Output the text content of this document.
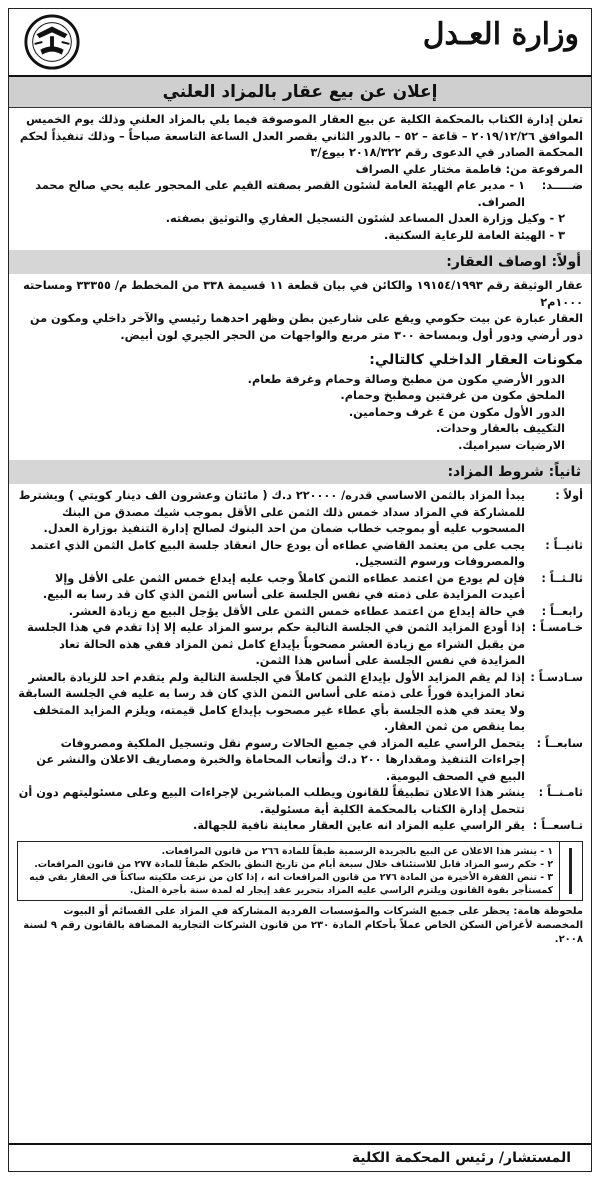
وزارة العـدل
إعلان عن بيع عقار بالمزاد العلني

تعلن إدارة الكتاب بالمحكمة الكلية عن بيع العقار الموصوفة فيما يلي بالمزاد العلني وذلك يوم الخميس الموافق ٢٠١٩/١٢/٢٦ – قاعة – ٥٢ – بالدور الثاني بقصر العدل الساعة التاسعة صباحاً – وذلك تنفيذاً لحكم المحكمة الصادر في الدعوى رقم ٢٠١٨/٣٢٢ بيوع/٣

المرفوعة من: فاطمة مختار علي الصراف

ضـــــد:
١ - مدير عام الهيئة العامة لشئون القصر بصفته القيم على المحجور عليه يحي صالح محمد الصراف.

٢ - وكيل وزارة العدل المساعد لشئون التسجيل العقاري والتوثيق بصفته.

٣ - الهيئة العامة للرعاية السكنية.

أولاً: اوصاف العقار:

عقار الوثيقة رقم ١٩١٥٤/١٩٩٣ والكائن في بيان قطعة ١١ قسيمة ٣٣٨ من المخطط م/ ٣٣٣٥٥ ومساحته ١٠٠٠م٢

العقار عبارة عن بيت حكومي ويقع على شارعين بطن وظهر احدهما رئيسي والآخر داخلي ومكون من دور أرضي ودور أول وبمساحة ٣٠٠ متر مربع والواجهات من الحجر الجيري لون أبيض.

مكونات العقار الداخلي كالتالي:

الدور الأرضي مكون من مطبخ وصالة وحمام وغرفة طعام.

الملحق مكون من غرفتين ومطبخ وحمام.

الدور الأول مكون من ٤ غرف وحمامين.

التكييف بالعقار وحدات.

الارضيات سيراميك.

ثانياً: شروط المزاد:
أولاً :
يبدأ المزاد بالثمن الاساسي قدره/ ٢٢٠٠٠٠ د.ك ( مائتان وعشرون الف دينار كويتي ) ويشترط للمشاركة في المزاد سداد خمس ذلك الثمن على الأقل بموجب شيك مصدق من البنك المسحوب عليه أو بموجب خطاب ضمان من احد البنوك لصالح إدارة التنفيذ بوزارة العدل.
ثانيــاً :
يجب على من يعتمد القاضي عطاءه أن يودع حال انعقاد جلسة البيع كامل الثمن الذي اعتمد والمصروفات ورسوم التسجيل.
ثالـثــاً :
فإن لم يودع من اعتمد عطاءه الثمن كاملاً وجب عليه إيداع خمس الثمن على الأقل وإلا أعيدت المزايدة على ذمته في نفس الجلسة على أساس الثمن الذي كان قد رسا به البيع.
رابعــاً :
في حالة إيداع من اعتمد عطاءه خمس الثمن على الأقل يؤجل البيع مع زيادة العشر.
خـامسـاً :
إذا أودع المزايد الثمن في الجلسة التالية حكم برسو المزاد عليه إلا إذا تقدم في هذا الجلسة من يقبل الشراء مع زيادة العشر مصحوباً بإيداع كامل ثمن المزاد ففي هذه الحالة تعاد المزايدة في نفس الجلسة على أساس هذا الثمن.
سـادسـاً :
إذا لم يقم المزايد الأول بإيداع الثمن كاملاً في الجلسة التالية ولم يتقدم احد للزيادة بالعشر تعاد المزايدة فوراً على ذمته على أساس الثمن الذي كان قد رسا به عليه في الجلسة السابقة ولا يعتد في هذه الجلسة بأي عطاء غير مصحوب بإيداع كامل قيمته، ويلزم المزايد المتخلف بما ينقص من ثمن العقار.
سابعــاً :
يتحمل الراسي عليه المزاد في جميع الحالات رسوم نقل وتسجيل الملكية ومصروفات إجراءات التنفيذ ومقدارها ٢٠٠ د.ك وأتعاب المحاماة والخبرة ومصاريف الاعلان والنشر عن البيع في الصحف اليومية.
ثامـنــاً :
ينشر هذا الاعلان تطبيقاً للقانون ويطلب المباشرين لإجراءات البيع وعلى مسئوليتهم دون أن تتحمل إدارة الكتاب بالمحكمة الكلية أية مسئولية.
تـاسعــاً :
يقر الراسي عليه المزاد انه عاين العقار معاينة نافية للجهالة.

١ - ينشر هذا الاعلان عن البيع بالجريدة الرسمية طبقاً للمادة ٢٦٦ من قانون المرافعات.

٢ - حكم رسو المزاد قابل للاستئناف خلال سبعة أيام من تاريخ النطق بالحكم طبقاً للمادة ٢٧٧ من قانون المرافعات.

٣ - تنص الفقرة الأخيرة من المادة ٢٧٦ من قانون المرافعات انه ، إذا كان من نزعت ملكيته ساكناً في العقار بقي فيه كمستأجر بقوة القانون ويلتزم الراسي عليه المزاد بتحرير عقد إيجار له لمدة سنة بأجرة المثل.

ملحوظة هامة: يحظر على جميع الشركات والمؤسسات الفردية المشاركة في المزاد على القسائم أو البيوت المخصصة لأغراض السكن الخاص عملاً بأحكام المادة ٢٣٠ من قانون الشركات التجارية المضافة بالقانون رقم ٩ لسنة ٢٠٠٨.

المستشار/ رئيس المحكمة الكلية
